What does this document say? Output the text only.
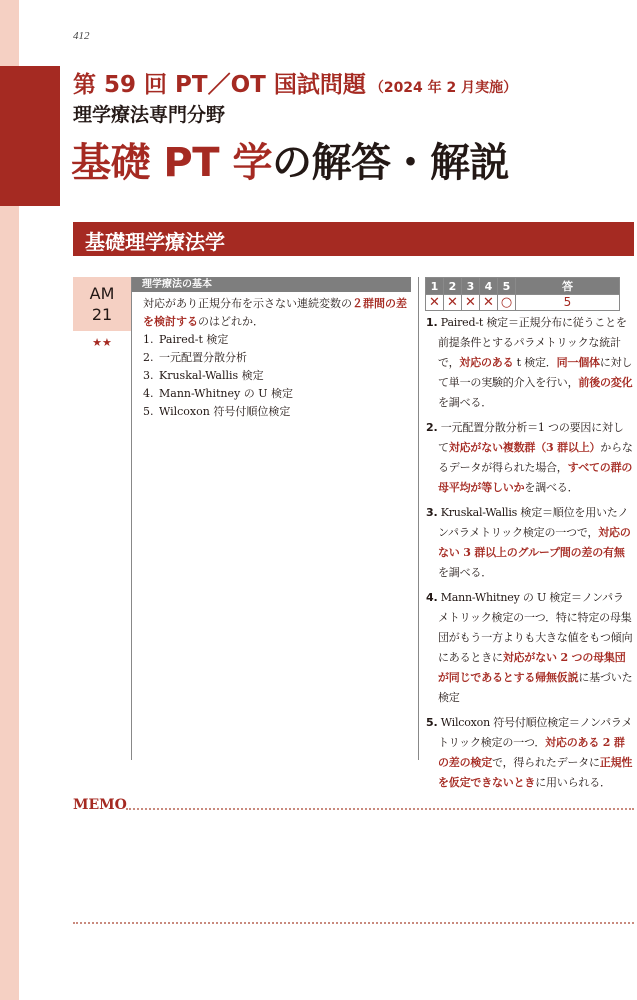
412
第 59 回 PT／OT 国試問題 （2024 年 2 月実施）
理学療法専門分野
基礎 PT 学の解答・解説
基礎理学療法学
AM
21
★★
理学療法の基本
対応があり正規分布を示さない連続変数の２群間の差を検討するのはどれか．
1. Paired-t 検定
2. 一元配置分散分析
3. Kruskal-Wallis 検定
4. Mann-Whitney の U 検定
5. Wilcoxon 符号付順位検定
1	2	3	4	5	答
✕	✕	✕	✕	○	5

1. Paired-t 検定＝正規分布に従うことを前提条件とするパラメトリックな統計で，対応のある t 検定．同一個体に対して単一の実験的介入を行い，前後の変化を調べる．

2. 一元配置分散分析＝1 つの要因に対して対応がない複数群（3 群以上）からなるデータが得られた場合，すべての群の母平均が等しいかを調べる．

3. Kruskal-Wallis 検定＝順位を用いたノンパラメトリック検定の一つで，対応のない 3 群以上のグループ間の差の有無を調べる．

4. Mann-Whitney の U 検定＝ノンパラメトリック検定の一つ．特に特定の母集団がもう一方よりも大きな値をもつ傾向にあるときに対応がない 2 つの母集団が同じであるとする帰無仮説に基づいた検定

5. Wilcoxon 符号付順位検定＝ノンパラメトリック検定の一つ．対応のある 2 群の差の検定で，得られたデータに正規性を仮定できないときに用いられる．

MEMO
